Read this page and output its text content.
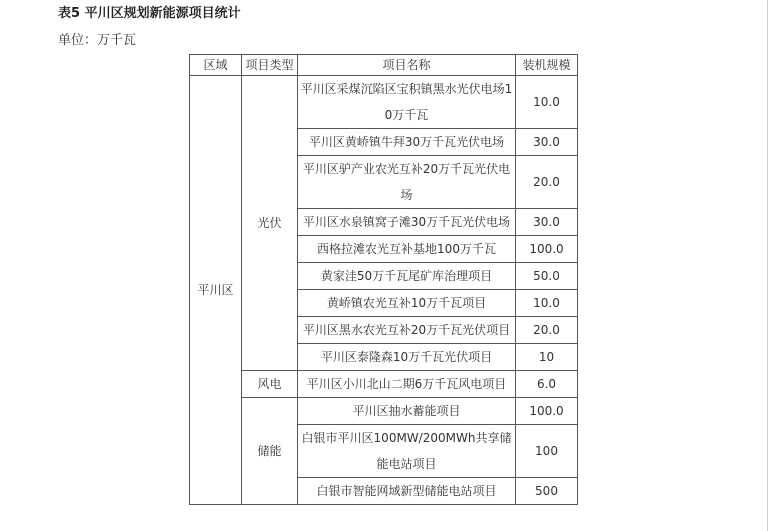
表5 平川区规划新能源项目统计
单位：万千瓦
区域	项目类型	项目名称	装机规模
平川区	光伏	平川区采煤沉陷区宝积镇黑水光伏电场10万千瓦	10.0
		平川区黄峤镇牛拜30万千瓦光伏电场	30.0
		平川区驴产业农光互补20万千瓦光伏电场	20.0
		平川区水泉镇窝子滩30万千瓦光伏电场	30.0
		西格拉滩农光互补基地100万千瓦	100.0
		黄家洼50万千瓦尾矿库治理项目	50.0
		黄峤镇农光互补10万千瓦项目	10.0
		平川区黑水农光互补20万千瓦光伏项目	20.0
		平川区泰隆森10万千瓦光伏项目	10
	风电	平川区小川北山二期6万千瓦风电项目	6.0
	储能	平川区抽水蓄能项目	100.0
		白银市平川区100MW/200MWh共享储能电站项目	100
		白银市智能网域新型储能电站项目	500
